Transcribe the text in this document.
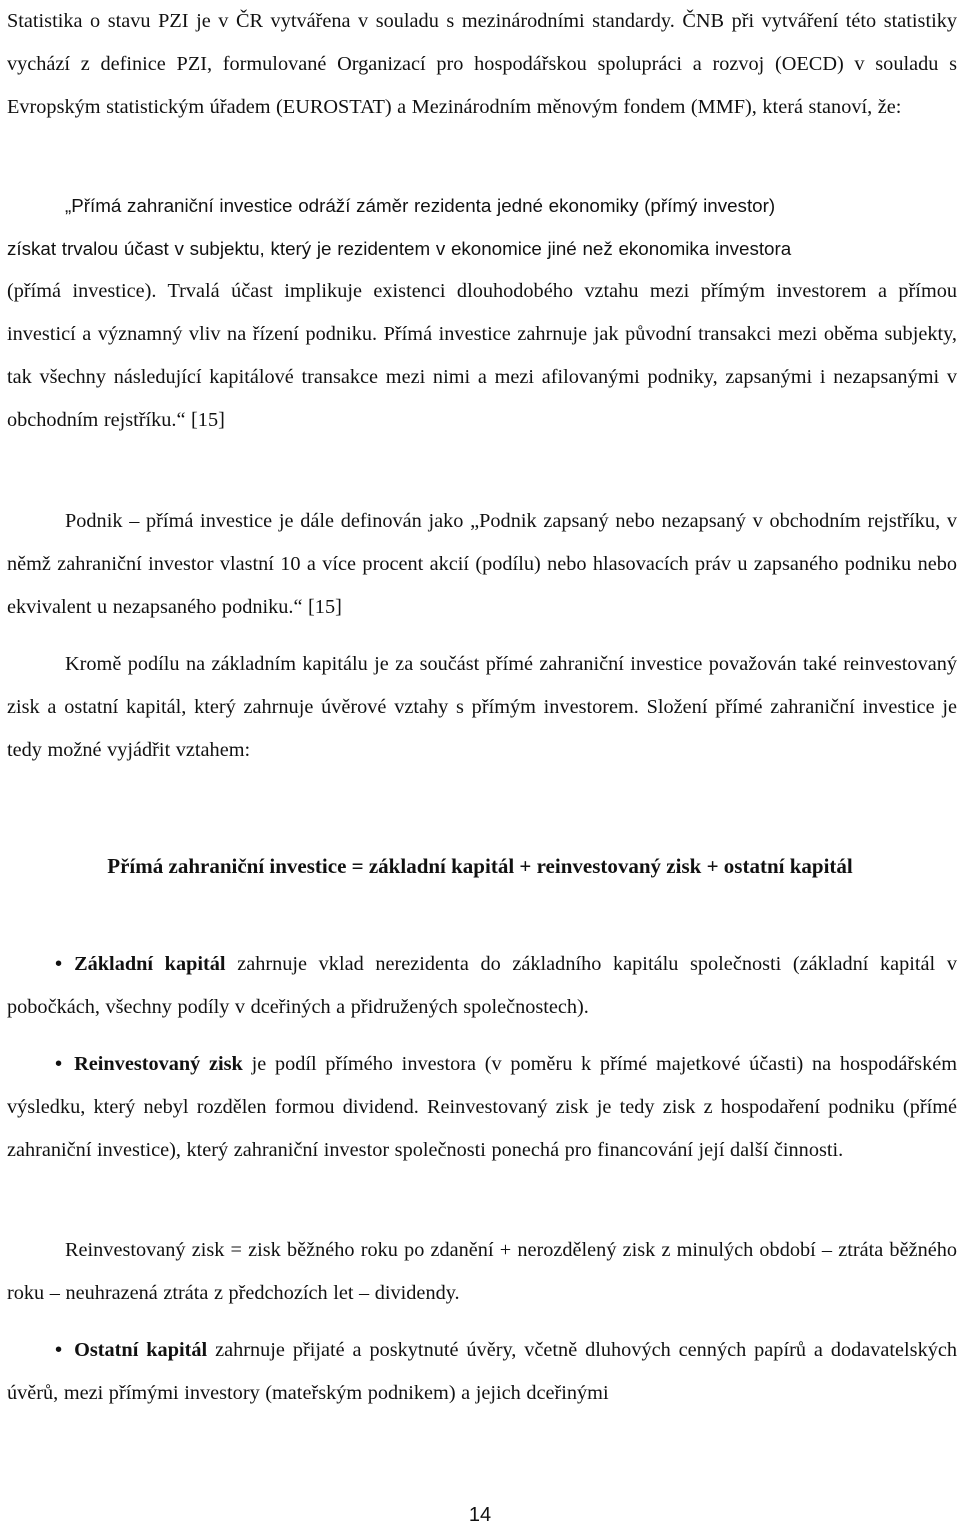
Statistika o stavu PZI je v ČR vytvářena v souladu s mezinárodními standardy. ČNB při vytváření této statistiky vychází z definice PZI, formulované Organizací pro hospodářskou spolupráci a rozvoj (OECD) v souladu s Evropským statistickým úřadem (EUROSTAT) a Mezinárodním měnovým fondem (MMF), která stanoví, že:

„Přímá zahraniční investice odráží záměr rezidenta jedné ekonomiky (přímý investor)

získat trvalou účast v subjektu, který je rezidentem v ekonomice jiné než ekonomika investora

(přímá investice). Trvalá účast implikuje existenci dlouhodobého vztahu mezi přímým investorem a přímou investicí a významný vliv na řízení podniku. Přímá investice zahrnuje jak původní transakci mezi oběma subjekty, tak všechny následující kapitálové transakce mezi nimi a mezi afilovanými podniky, zapsanými i nezapsanými v obchodním rejstříku.“ [15]

Podnik – přímá investice je dále definován jako „Podnik zapsaný nebo nezapsaný v obchodním rejstříku, v němž zahraniční investor vlastní 10 a více procent akcií (podílu) nebo hlasovacích práv u zapsaného podniku nebo ekvivalent u nezapsaného podniku.“ [15]

Kromě podílu na základním kapitálu je za součást přímé zahraniční investice považován také reinvestovaný zisk a ostatní kapitál, který zahrnuje úvěrové vztahy s přímým investorem. Složení přímé zahraniční investice je tedy možné vyjádřit vztahem:

Přímá zahraniční investice = základní kapitál + reinvestovaný zisk + ostatní kapitál

• Základní kapitál zahrnuje vklad nerezidenta do základního kapitálu společnosti (základní kapitál v pobočkách, všechny podíly v dceřiných a přidružených společnostech).

• Reinvestovaný zisk je podíl přímého investora (v poměru k přímé majetkové účasti) na hospodářském výsledku, který nebyl rozdělen formou dividend. Reinvestovaný zisk je tedy zisk z hospodaření podniku (přímé zahraniční investice), který zahraniční investor společnosti ponechá pro financování její další činnosti.

Reinvestovaný zisk = zisk běžného roku po zdanění + nerozdělený zisk z minulých období – ztráta běžného roku – neuhrazená ztráta z předchozích let – dividendy.

• Ostatní kapitál zahrnuje přijaté a poskytnuté úvěry, včetně dluhových cenných papírů a dodavatelských úvěrů, mezi přímými investory (mateřským podnikem) a jejich dceřinými

14
